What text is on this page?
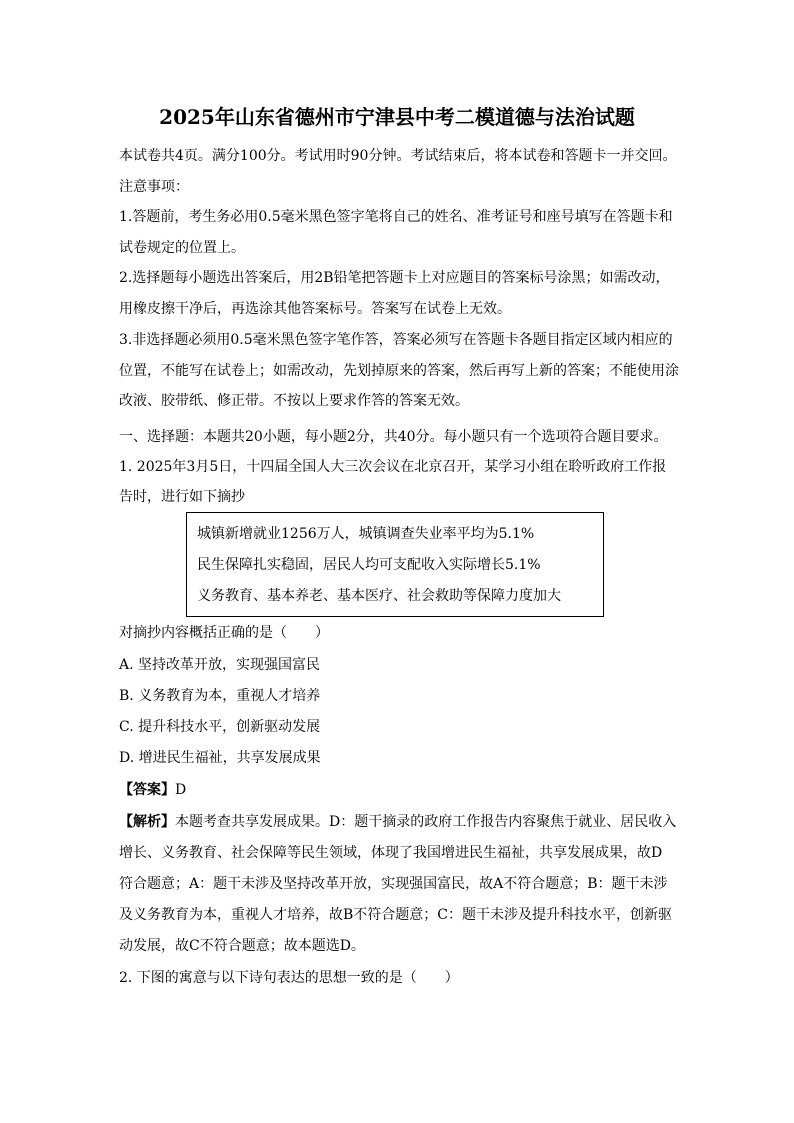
2025年山东省德州市宁津县中考二模道德与法治试题
本试卷共4页。满分100分。考试用时90分钟。考试结束后，将本试卷和答题卡一并交回。
注意事项：
1.答题前，考生务必用0.5毫米黑色签字笔将自己的姓名、准考证号和座号填写在答题卡和
试卷规定的位置上。
2.选择题每小题选出答案后，用2B铅笔把答题卡上对应题目的答案标号涂黑；如需改动，
用橡皮擦干净后，再选涂其他答案标号。答案写在试卷上无效。
3.非选择题必须用0.5毫米黑色签字笔作答，答案必须写在答题卡各题目指定区域内相应的
位置，不能写在试卷上；如需改动，先划掉原来的答案，然后再写上新的答案；不能使用涂
改液、胶带纸、修正带。不按以上要求作答的答案无效。
一、选择题：本题共20小题，每小题2分，共40分。每小题只有一个选项符合题目要求。
1. 2025年3月5日，十四届全国人大三次会议在北京召开，某学习小组在聆听政府工作报
告时，进行如下摘抄
城镇新增就业1256万人，城镇调查失业率平均为5.1%
民生保障扎实稳固，居民人均可支配收入实际增长5.1%
义务教育、基本养老、基本医疗、社会救助等保障力度加大
对摘抄内容概括正确的是（　　）
A. 坚持改革开放，实现强国富民
B. 义务教育为本，重视人才培养
C. 提升科技水平，创新驱动发展
D. 增进民生福祉，共享发展成果
【答案】D
【解析】本题考查共享发展成果。D：题干摘录的政府工作报告内容聚焦于就业、居民收入
增长、义务教育、社会保障等民生领域，体现了我国增进民生福祉，共享发展成果，故D
符合题意；A：题干未涉及坚持改革开放，实现强国富民，故A不符合题意；B：题干未涉
及义务教育为本，重视人才培养，故B不符合题意；C：题干未涉及提升科技水平，创新驱
动发展，故C不符合题意；故本题选D。
2. 下图的寓意与以下诗句表达的思想一致的是（　　）
